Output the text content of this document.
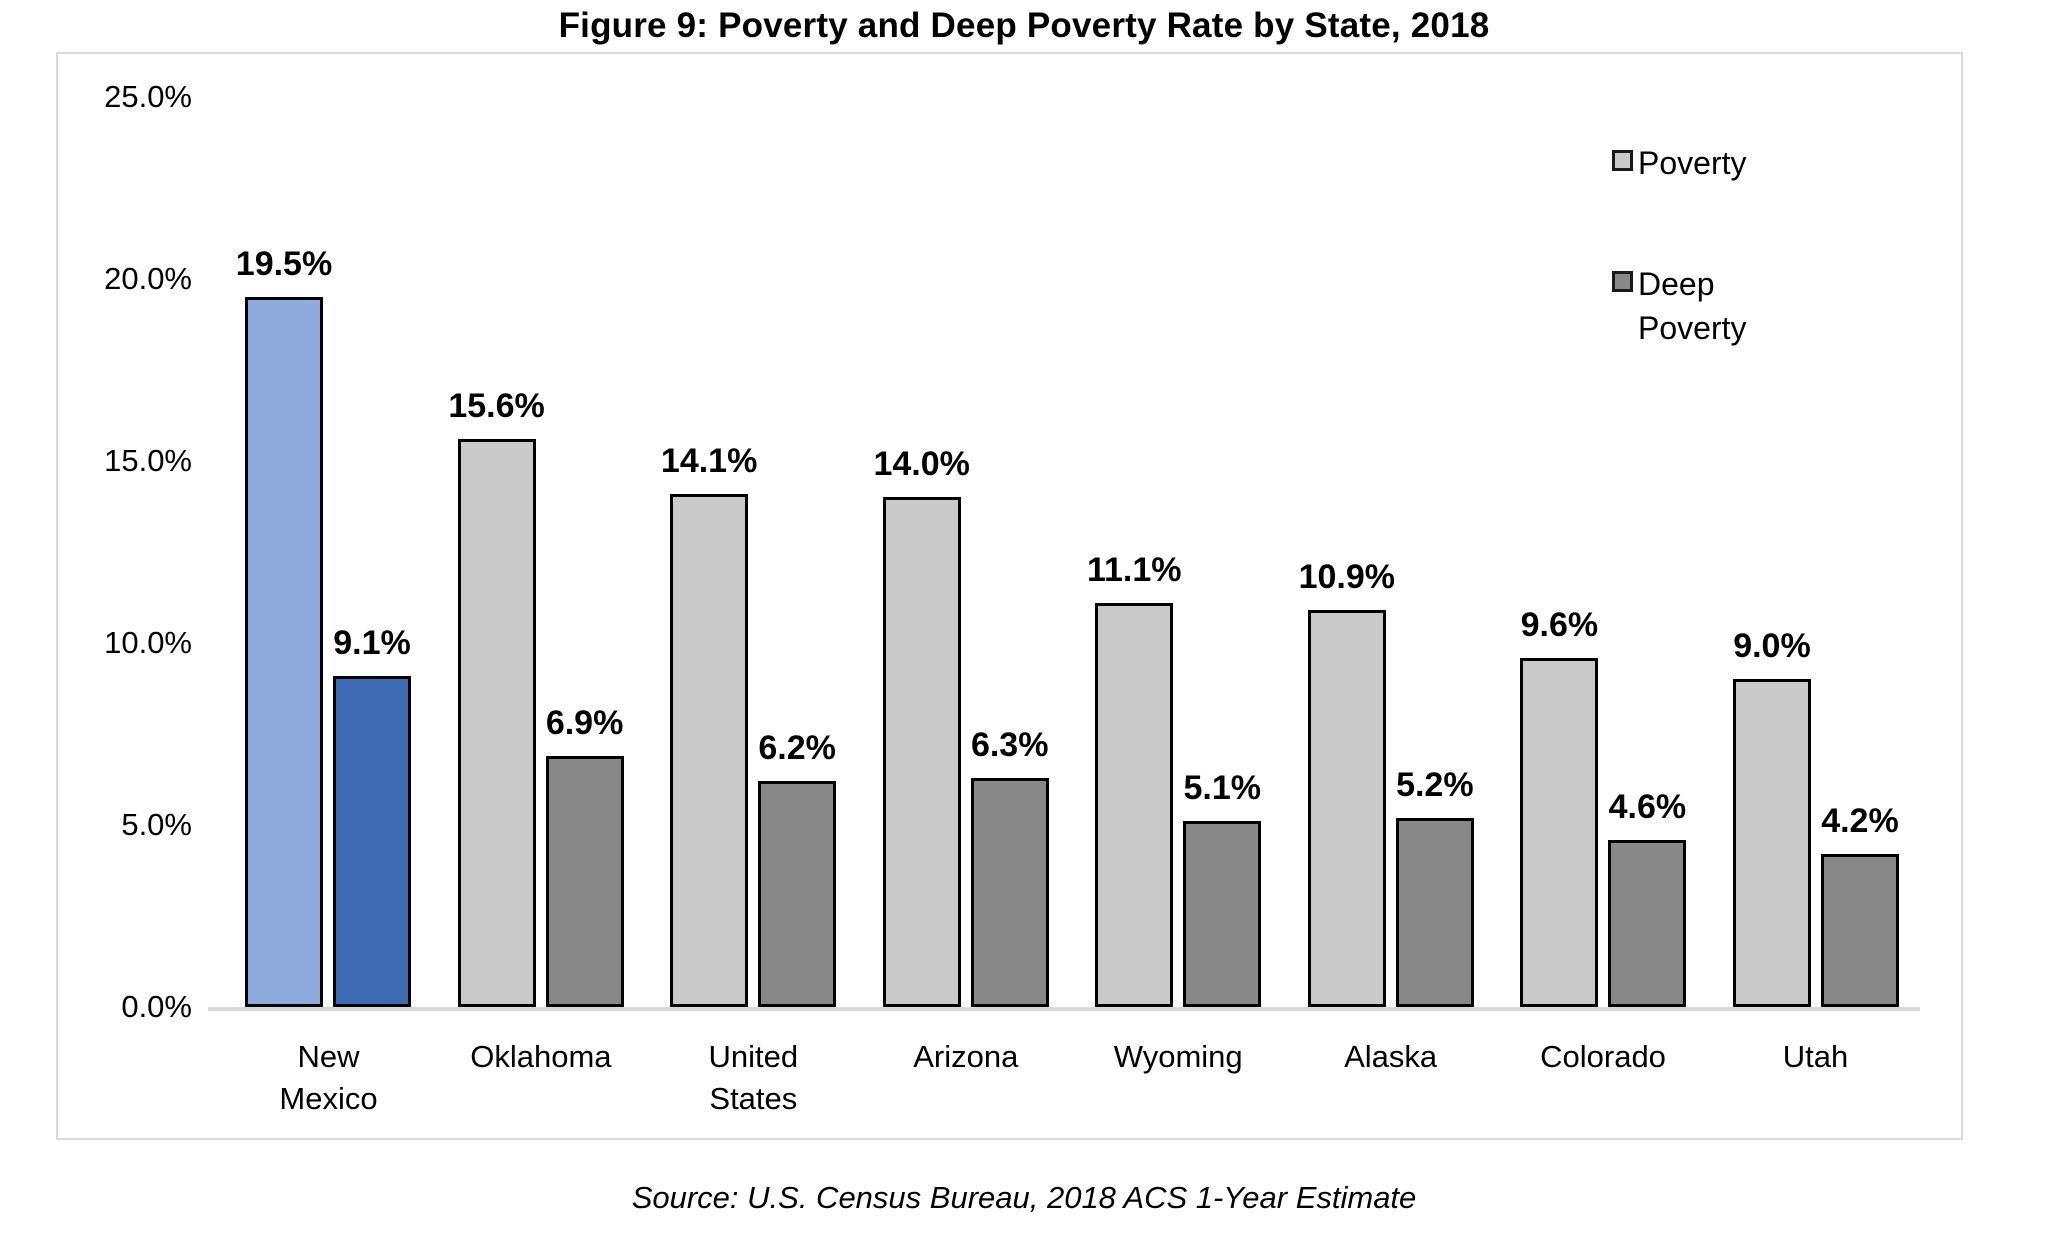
Figure 9: Poverty and Deep Poverty Rate by State, 2018
25.0%
20.0%
15.0%
10.0%
5.0%
0.0%
19.5%
9.1%
15.6%
6.9%
14.1%
6.2%
14.0%
6.3%
11.1%
5.1%
10.9%
5.2%
9.6%
4.6%
9.0%
4.2%
New Mexico
Oklahoma	United States
Arizona	Wyoming	Alaska	Colorado	Utah
Poverty
Deep Poverty
Source: U.S. Census Bureau, 2018 ACS 1-Year Estimate
